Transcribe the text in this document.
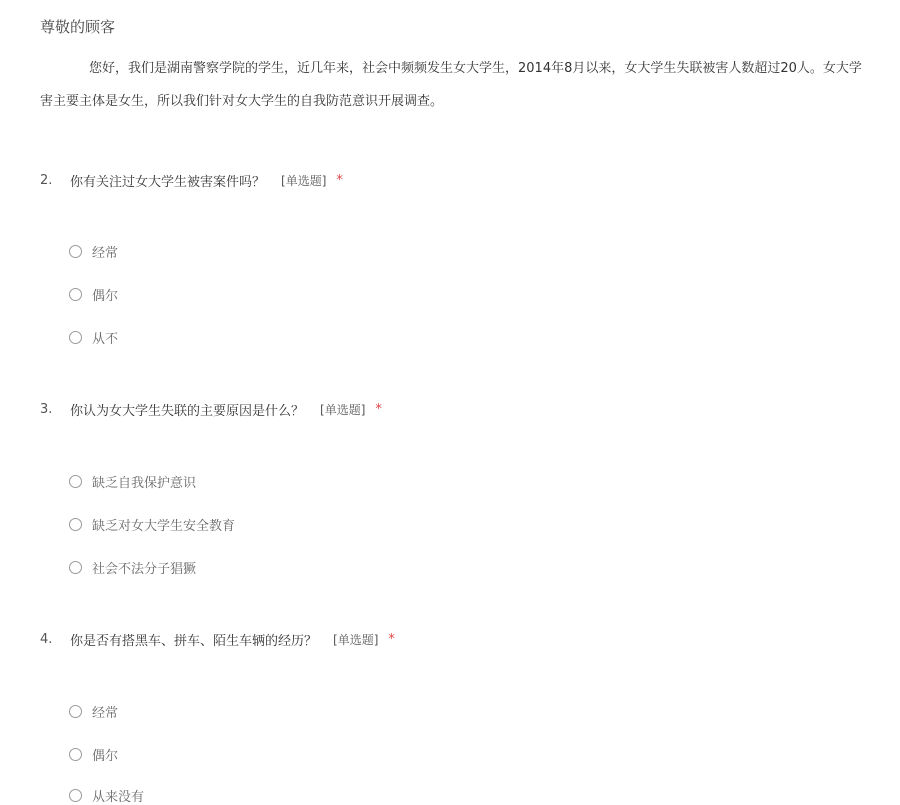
尊敬的顾客
您好，我们是湖南警察学院的学生，近几年来，社会中频频发生女大学生，2014年8月以来，女大学生失联被害人数超过20人。女大学
害主要主体是女生，所以我们针对女大学生的自我防范意识开展调查。
2.	你有关注过女大学生被害案件吗？ [单选题] *
经常
偶尔
从不
3.	你认为女大学生失联的主要原因是什么？ [单选题] *
缺乏自我保护意识
缺乏对女大学生安全教育
社会不法分子猖獗
4.	你是否有搭黑车、拼车、陌生车辆的经历？ [单选题] *
经常
偶尔
从来没有
